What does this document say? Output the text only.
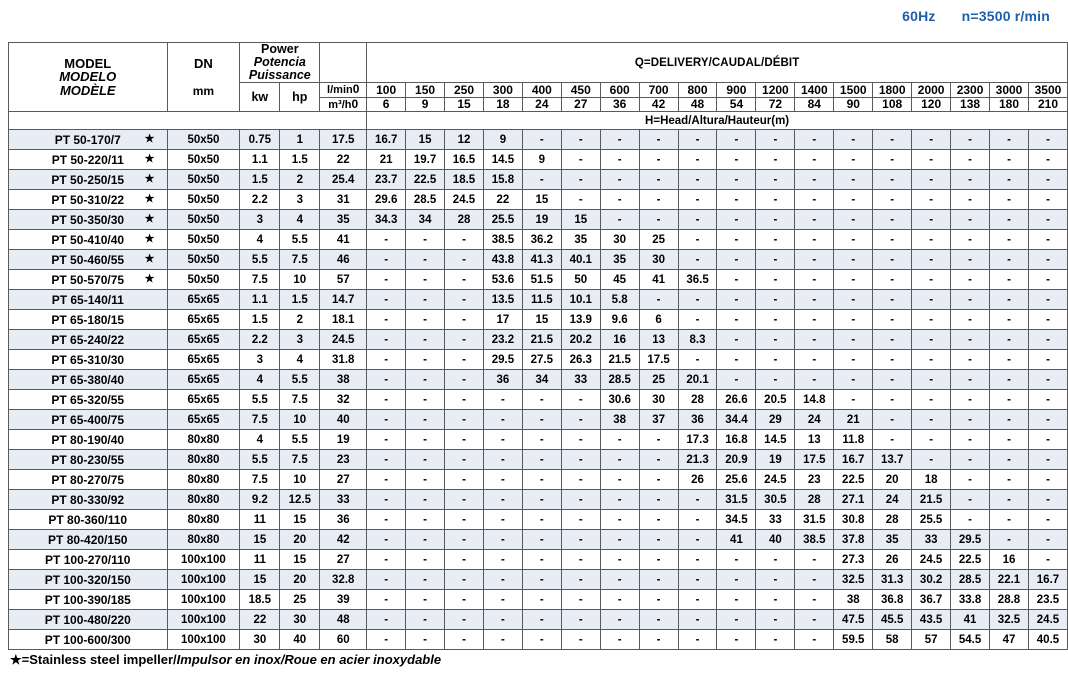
60Hz n=3500 r/min
MODEL
MODELO
MODÈLE

DN
mm

Power
Potencia
Puissance
		Q=DELIVERY/CAUDAL/DÉBIT
		kw	hp																			
				l/min0	100	150	250	300	400	450	600	700	800	900	1200	1400	1500	1800	2000	2300	3000	3500
				m³/h0	6	9	15	18	24	27	36	42	48	54	72	84	90	108	120	138	180	210
					H=Head/Altura/Hauteur(m)																	
PT 50-170/7 ★	50x50	0.75	1	17.5	16.7	15	12	9	-	-	-	-	-	-	-	-	-	-	-	-	-	-
PT 50-220/11 ★	50x50	1.1	1.5	22	21	19.7	16.5	14.5	9	-	-	-	-	-	-	-	-	-	-	-	-	-
PT 50-250/15 ★	50x50	1.5	2	25.4	23.7	22.5	18.5	15.8	-	-	-	-	-	-	-	-	-	-	-	-	-	-
PT 50-310/22 ★	50x50	2.2	3	31	29.6	28.5	24.5	22	15	-	-	-	-	-	-	-	-	-	-	-	-	-
PT 50-350/30 ★	50x50	3	4	35	34.3	34	28	25.5	19	15	-	-	-	-	-	-	-	-	-	-	-	-
PT 50-410/40 ★	50x50	4	5.5	41	-	-	-	38.5	36.2	35	30	25	-	-	-	-	-	-	-	-	-	-
PT 50-460/55 ★	50x50	5.5	7.5	46	-	-	-	43.8	41.3	40.1	35	30	-	-	-	-	-	-	-	-	-	-
PT 50-570/75 ★	50x50	7.5	10	57	-	-	-	53.6	51.5	50	45	41	36.5	-	-	-	-	-	-	-	-	-
PT 65-140/11	65x65	1.1	1.5	14.7	-	-	-	13.5	11.5	10.1	5.8	-	-	-	-	-	-	-	-	-	-	-
PT 65-180/15	65x65	1.5	2	18.1	-	-	-	17	15	13.9	9.6	6	-	-	-	-	-	-	-	-	-	-
PT 65-240/22	65x65	2.2	3	24.5	-	-	-	23.2	21.5	20.2	16	13	8.3	-	-	-	-	-	-	-	-	-
PT 65-310/30	65x65	3	4	31.8	-	-	-	29.5	27.5	26.3	21.5	17.5	-	-	-	-	-	-	-	-	-	-
PT 65-380/40	65x65	4	5.5	38	-	-	-	36	34	33	28.5	25	20.1	-	-	-	-	-	-	-	-	-
PT 65-320/55	65x65	5.5	7.5	32	-	-	-	-	-	-	30.6	30	28	26.6	20.5	14.8	-	-	-	-	-	-
PT 65-400/75	65x65	7.5	10	40	-	-	-	-	-	-	38	37	36	34.4	29	24	21	-	-	-	-	-
PT 80-190/40	80x80	4	5.5	19	-	-	-	-	-	-	-	-	17.3	16.8	14.5	13	11.8	-	-	-	-	-
PT 80-230/55	80x80	5.5	7.5	23	-	-	-	-	-	-	-	-	21.3	20.9	19	17.5	16.7	13.7	-	-	-	-
PT 80-270/75	80x80	7.5	10	27	-	-	-	-	-	-	-	-	26	25.6	24.5	23	22.5	20	18	-	-	-
PT 80-330/92	80x80	9.2	12.5	33	-	-	-	-	-	-	-	-	-	31.5	30.5	28	27.1	24	21.5	-	-	-
PT 80-360/110	80x80	11	15	36	-	-	-	-	-	-	-	-	-	34.5	33	31.5	30.8	28	25.5	-	-	-
PT 80-420/150	80x80	15	20	42	-	-	-	-	-	-	-	-	-	41	40	38.5	37.8	35	33	29.5	-	-
PT 100-270/110	100x100	11	15	27	-	-	-	-	-	-	-	-	-	-	-	-	27.3	26	24.5	22.5	16	-
PT 100-320/150	100x100	15	20	32.8	-	-	-	-	-	-	-	-	-	-	-	-	32.5	31.3	30.2	28.5	22.1	16.7
PT 100-390/185	100x100	18.5	25	39	-	-	-	-	-	-	-	-	-	-	-	-	38	36.8	36.7	33.8	28.8	23.5
PT 100-480/220	100x100	22	30	48	-	-	-	-	-	-	-	-	-	-	-	-	47.5	45.5	43.5	41	32.5	24.5
PT 100-600/300	100x100	30	40	60	-	-	-	-	-	-	-	-	-	-	-	-	59.5	58	57	54.5	47	40.5
★=Stainless steel impeller/Impulsor en inox/Roue en acier inoxydable
